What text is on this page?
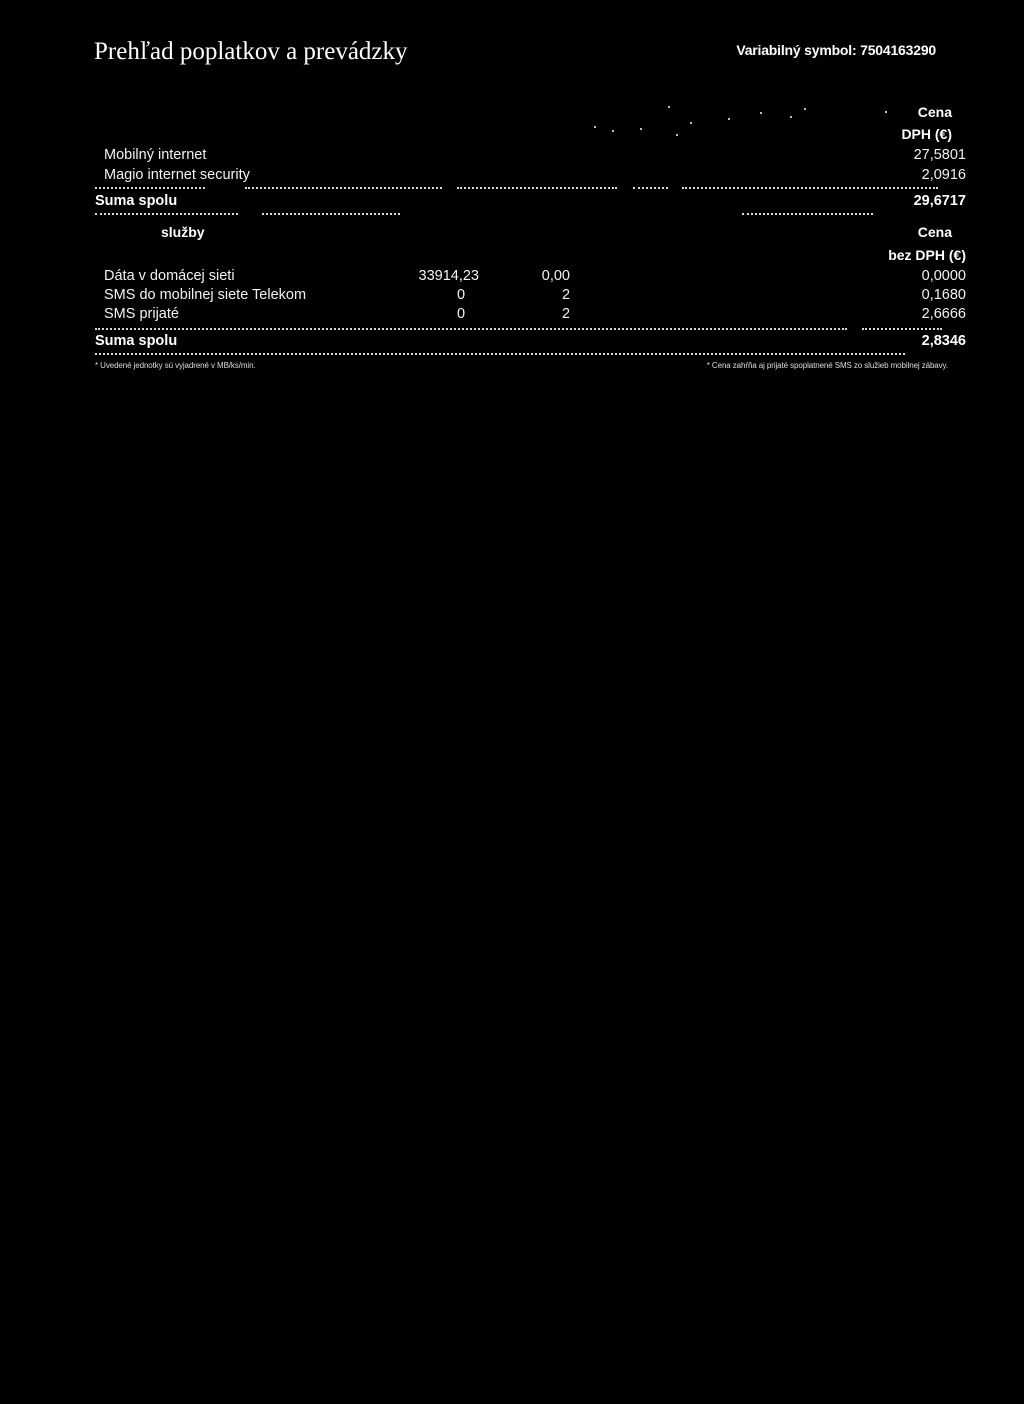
Prehľad poplatkov a prevádzky	Variabilný symbol: 7504163290
Cena
DPH (€)
Mobilný internet	27,5801
Magio internet security	2,0916
Suma spolu	29,6717
služby	Cena
bez DPH (€)
Dáta v domácej sieti	33914,23	0,00	0,0000
SMS do mobilnej siete Telekom	0	2	0,1680
SMS prijaté	0	2	2,6666
Suma spolu	2,8346
* Uvedené jednotky sú vyjadrené v MB/ks/min.	* Cena zahŕňa aj prijaté spoplatnené SMS zo služieb mobilnej zábavy.
